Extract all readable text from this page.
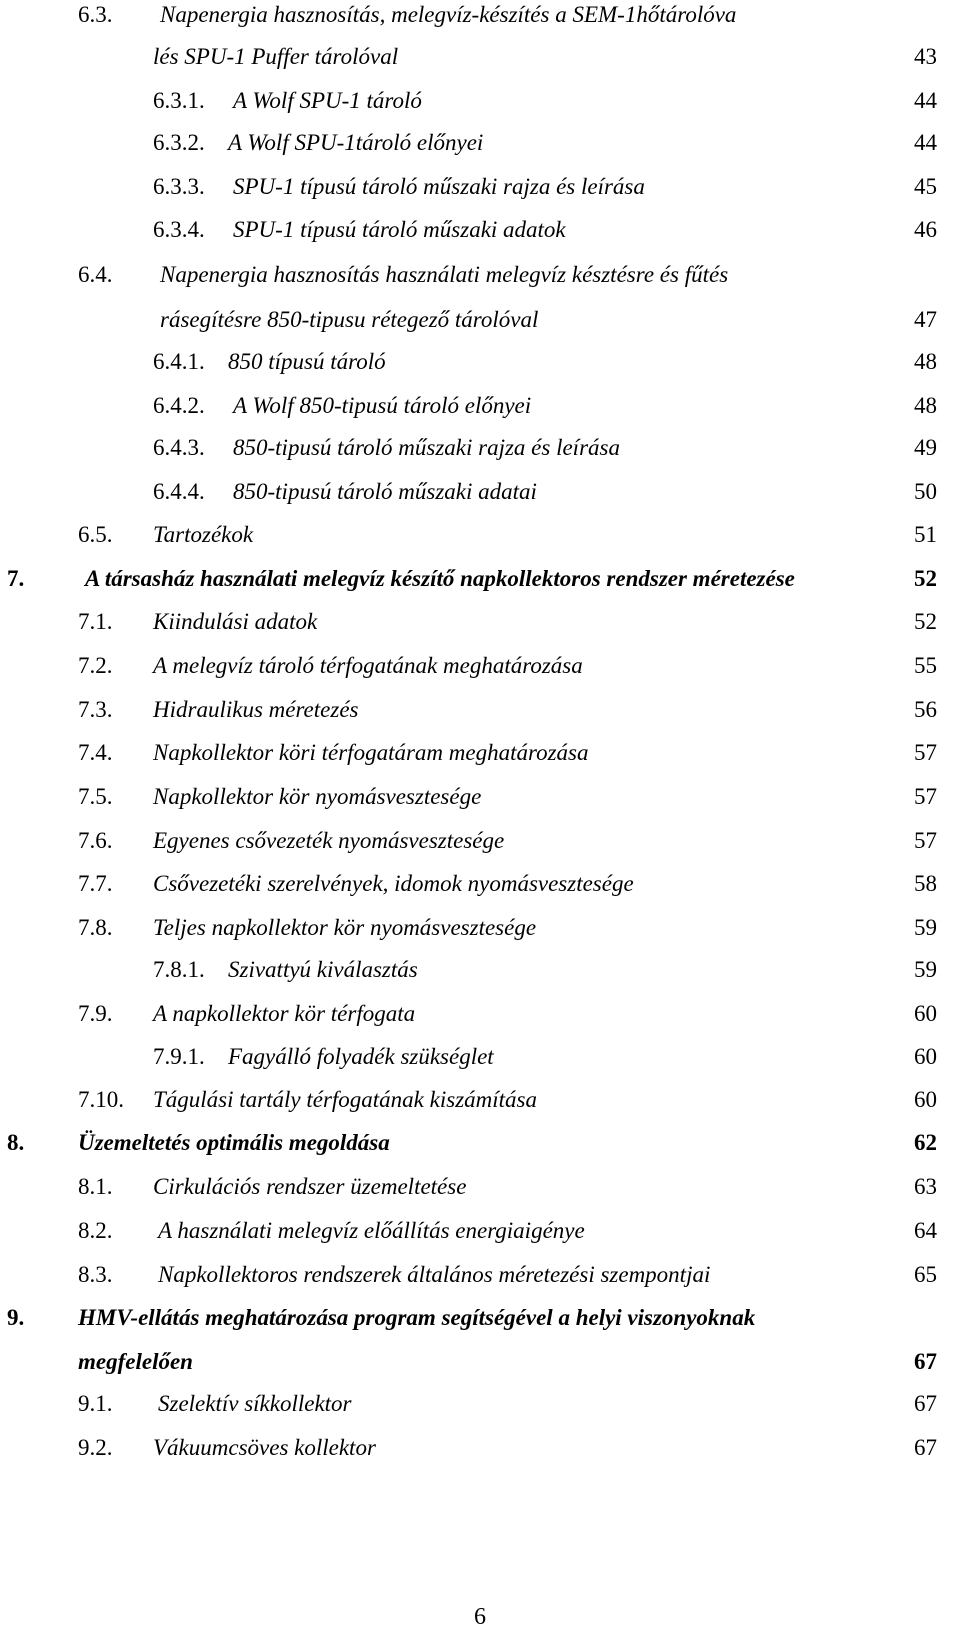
6.3. Napenergia hasznosítás, melegvíz-készítés a SEM-1hőtárolóva
lés SPU-1 Puffer tárolóval	43
6.3.1. A Wolf SPU-1 tároló	44
6.3.2. A Wolf SPU-1tároló előnyei	44
6.3.3. SPU-1 típusú tároló műszaki rajza és leírása	45
6.3.4. SPU-1 típusú tároló műszaki adatok	46
6.4. Napenergia hasznosítás használati melegvíz késztésre és fűtés
rásegítésre 850-tipusu rétegező tárolóval	47
6.4.1. 850 típusú tároló	48
6.4.2. A Wolf 850-tipusú tároló előnyei	48
6.4.3. 850-tipusú tároló műszaki rajza és leírása	49
6.4.4. 850-tipusú tároló műszaki adatai	50
6.5. Tartozékok	51
7.	A társasház használati melegvíz készítő napkollektoros rendszer méretezése	52
7.1. Kiindulási adatok	52
7.2. A melegvíz tároló térfogatának meghatározása	55
7.3. Hidraulikus méretezés	56
7.4. Napkollektor köri térfogatáram meghatározása	57
7.5. Napkollektor kör nyomásvesztesége	57
7.6. Egyenes csővezeték nyomásvesztesége	57
7.7. Csővezetéki szerelvények, idomok nyomásvesztesége	58
7.8. Teljes napkollektor kör nyomásvesztesége	59
7.8.1. Szivattyú kiválasztás	59
7.9. A napkollektor kör térfogata	60
7.9.1. Fagyálló folyadék szükséglet	60
7.10. Tágulási tartály térfogatának kiszámítása	60
8. Üzemeltetés optimális megoldása	62
8.1. Cirkulációs rendszer üzemeltetése	63
8.2. A használati melegvíz előállítás energiaigénye	64
8.3. Napkollektoros rendszerek általános méretezési szempontjai	65
9. HMV-ellátás meghatározása program segítségével a helyi viszonyoknak
megfelelően	67
9.1. Szelektív síkkollektor	67
9.2. Vákuumcsöves kollektor	67
6
